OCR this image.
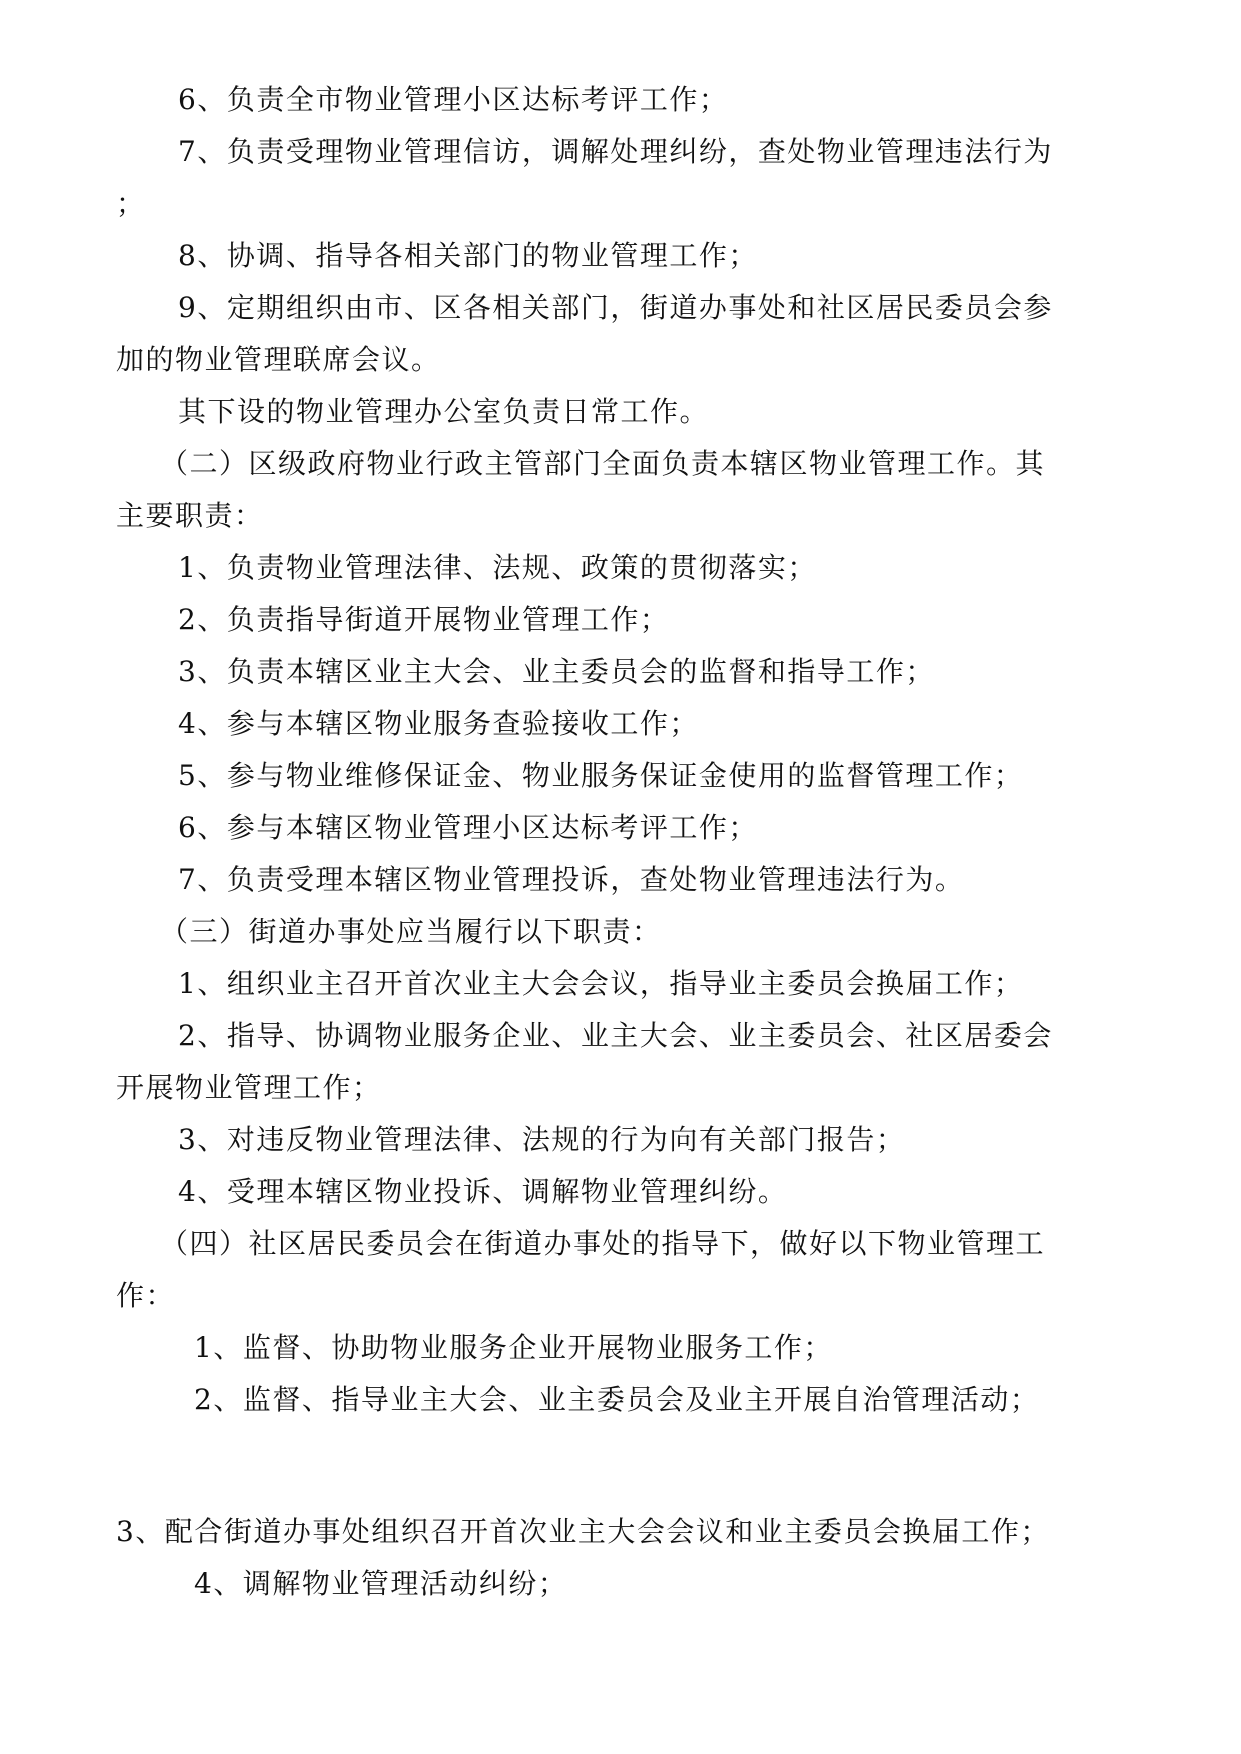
6、负责全市物业管理小区达标考评工作；
7、负责受理物业管理信访，调解处理纠纷，查处物业管理违法行为
；
8、协调、指导各相关部门的物业管理工作；
9、定期组织由市、区各相关部门，街道办事处和社区居民委员会参
加的物业管理联席会议。
其下设的物业管理办公室负责日常工作。
（二）区级政府物业行政主管部门全面负责本辖区物业管理工作。其
主要职责：
1、负责物业管理法律、法规、政策的贯彻落实；
2、负责指导街道开展物业管理工作；
3、负责本辖区业主大会、业主委员会的监督和指导工作；
4、参与本辖区物业服务查验接收工作；
5、参与物业维修保证金、物业服务保证金使用的监督管理工作；
6、参与本辖区物业管理小区达标考评工作；
7、负责受理本辖区物业管理投诉，查处物业管理违法行为。
（三）街道办事处应当履行以下职责：
1、组织业主召开首次业主大会会议，指导业主委员会换届工作；
2、指导、协调物业服务企业、业主大会、业主委员会、社区居委会
开展物业管理工作；
3、对违反物业管理法律、法规的行为向有关部门报告；
4、受理本辖区物业投诉、调解物业管理纠纷。
（四）社区居民委员会在街道办事处的指导下，做好以下物业管理工
作：
1、监督、协助物业服务企业开展物业服务工作；
2、监督、指导业主大会、业主委员会及业主开展自治管理活动；
3、配合街道办事处组织召开首次业主大会会议和业主委员会换届工作；
4、调解物业管理活动纠纷；
